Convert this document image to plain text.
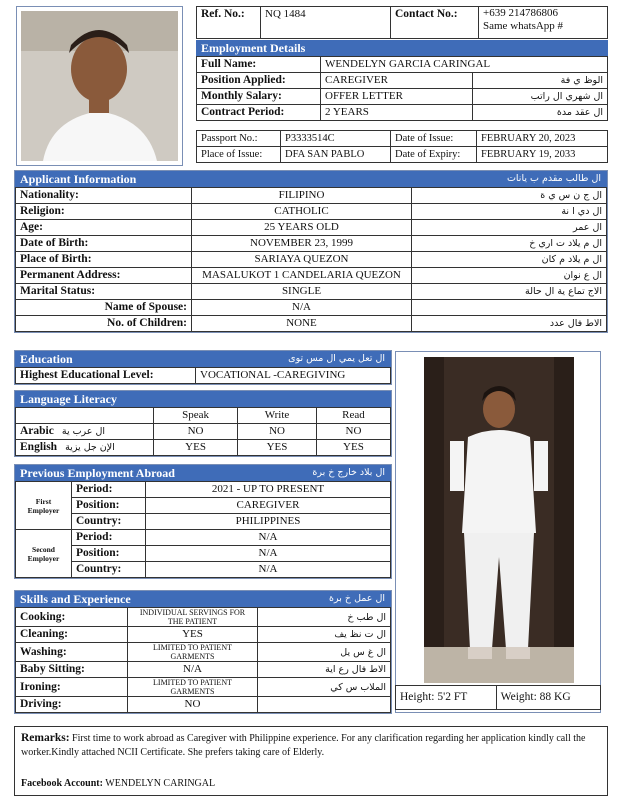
Ref. No.:	NQ 1484	Contact No.:	+639 214786806
Same whatsApp #
Employment Details
Full Name:	WENDELYN GARCIA CARINGAL	
Position Applied:	CAREGIVER	الوظ ي فة
Monthly Salary:	OFFER LETTER	ال شهري ال راتب
Contract Period:	2 YEARS	ال عقد مدة
Passport No.:	P3333514C	Date of Issue:	FEBRUARY 20, 2023
Place of Issue:	DFA SAN PABLO	Date of Expiry:	FEBRUARY 19, 2033
Applicant Information	ال طالب مقدم ب يانات
Nationality:	FILIPINO	ال ج ن س ي ة
Religion:	CATHOLIC	ال دي ا نة
Age:	25 YEARS OLD	ال عمر
Date of Birth:	NOVEMBER 23, 1999	ال م يلاد ت اري خ
Place of Birth:	SARIAYA QUEZON	ال م يلاد م كان
Permanent Address:	MASALUKOT 1 CANDELARIA QUEZON	ال ع نوان
Marital Status:	SINGLE	الاج تماع ية ال حالة
Name of Spouse:	N/A	
No. of Children:	NONE	الاط فال عدد
Education	ال تعل يمي ال مس توى
Highest Educational Level:	VOCATIONAL -CAREGIVING
Language Literacy
	Speak	Write	Read
Arabic ال عرب ية	NO	NO	NO
English الإن جل يزية	YES	YES	YES
Previous Employment Abroad	ال بلاد خارج خ برة
First Employer	Period:	2021 - UP TO PRESENT
	Position:	CAREGIVER
	Country:	PHILIPPINES
Second Employer	Period:	N/A
	Position:	N/A
	Country:	N/A
Skills and Experience	ال عمل خ برة
Cooking:	INDIVIDUAL SERVINGS FOR THE PATIENT	ال طب خ
Cleaning:	YES	ال ت نظ يف
Washing:	LIMITED TO PATIENT GARMENTS	ال غ س يل
Baby Sitting:	N/A	الاط فال رع اية
Ironing:	LIMITED TO PATIENT GARMENTS	الملاب س كي
Driving:	NO	
Height: 5'2 FT	Weight: 88 KG
Remarks: First time to work abroad as Caregiver with Philippine experience. For any clarification regarding her application kindly call the worker.Kindly attached NCII Certificate. She prefers taking care of Elderly.
Facebook Account: WENDELYN CARINGAL
